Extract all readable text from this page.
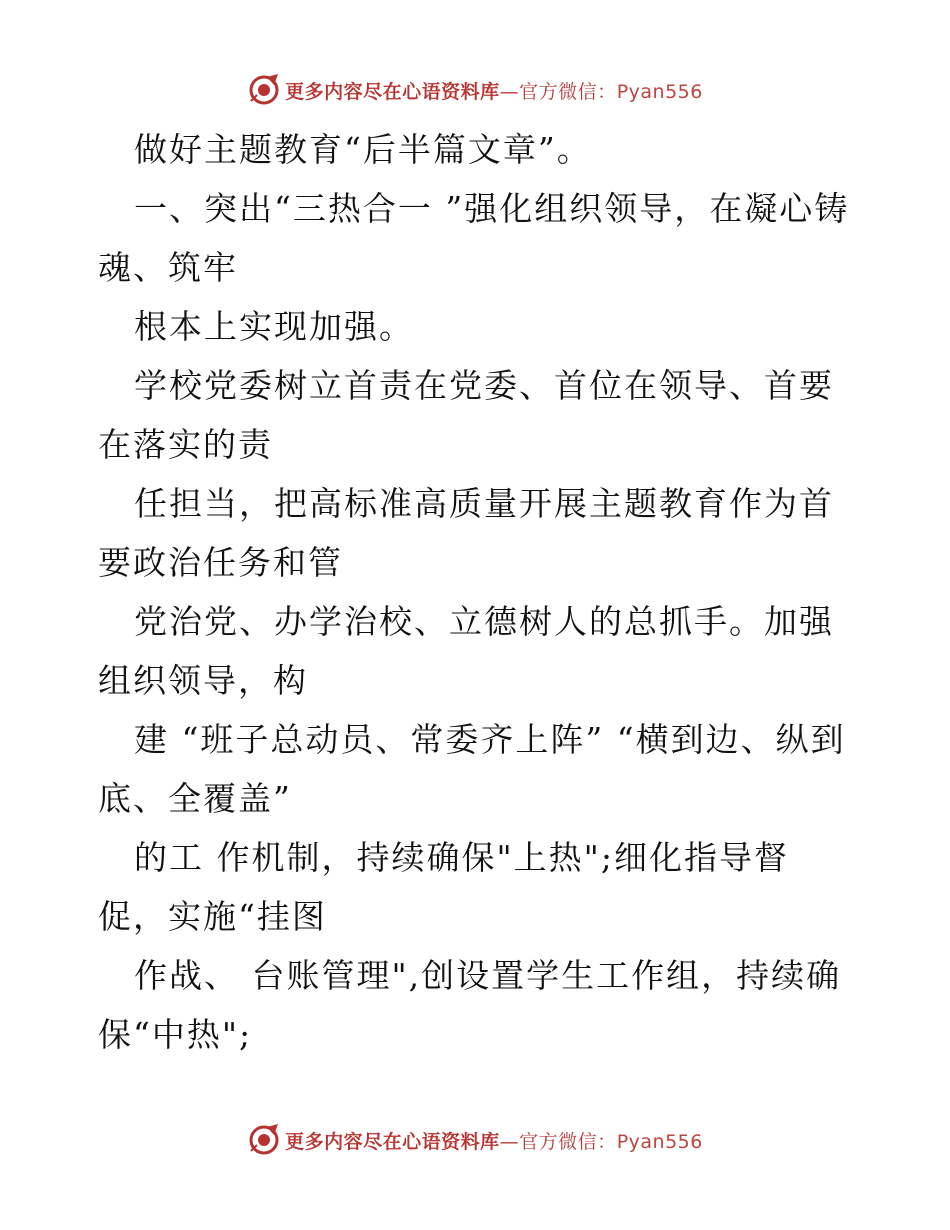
更多内容尽在心语资料库—官方微信：Pyan556

做好主题教育“后半篇文章”。

一、突出“三热合一 ”强化组织领导，在凝心铸魂、筑牢

根本上实现加强。

学校党委树立首责在党委、首位在领导、首要在落实的责

任担当，把高标准高质量开展主题教育作为首要政治任务和管

党治党、办学治校、立德树人的总抓手。加强组织领导，构

建 “班子总动员、常委齐上阵” “横到边、纵到底、全覆盖”

的工 作机制，持续确保"上热";细化指导督促，实施“挂图

作战、 台账管理",创设置学生工作组，持续确保“中热";

更多内容尽在心语资料库—官方微信：Pyan556
